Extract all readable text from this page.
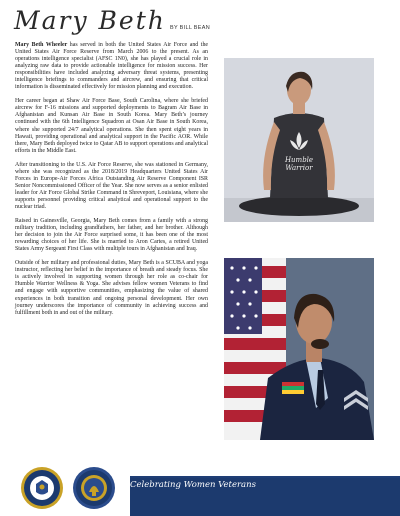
Mary Beth BY BILL BEAN

Mary Beth Wheeler has served in both the United States Air Force and the United States Air Force Reserve from March 2006 to the present. As an operations intelligence specialist (AFSC 1N0), she has played a crucial role in analyzing raw data to provide actionable intelligence for mission success. Her responsibilities have included analyzing adversary threat systems, presenting intelligence briefings to commanders and aircrew, and ensuring that critical information is disseminated effectively for mission planning and execution.

Her career began at Shaw Air Force Base, South Carolina, where she briefed aircrew for F-16 missions and supported deployments to Bagram Air Base in Afghanistan and Kunsan Air Base in South Korea. Mary Beth’s journey continued with the 6th Intelligence Squadron at Osan Air Base in South Korea, where she supported 24/7 analytical operations. She then spent eight years in Hawaii, providing operational and analytical support in the Pacific AOR. While there, Mary Beth deployed twice to Qatar AB to support operations and analytical efforts in the Middle East.

After transitioning to the U.S. Air Force Reserve, she was stationed in Germany, where she was recognized as the 2018/2019 Headquarters United States Air Forces in Europe-Air Forces Africa Outstanding Air Reserve Component ISR Senior Noncommissioned Officer of the Year. She now serves as a senior enlisted leader for Air Force Global Strike Command in Shreveport, Louisiana, where she supports personnel providing critical analytical and operational support to the nuclear triad.

Raised in Gainesville, Georgia, Mary Beth comes from a family with a strong military tradition, including grandfathers, her father, and her brother. Although her decision to join the Air Force surprised some, it has been one of the most rewarding choices of her life. She is married to Aron Cartes, a retired United States Army Sergeant First Class with multiple tours in Afghanistan and Iraq.

Outside of her military and professional duties, Mary Beth is a SCUBA and yoga instructor, reflecting her belief in the importance of breath and steady focus. She is actively involved in supporting women through her role as co-chair for Humble Warrior Wellness & Yoga. She advises fellow women Veterans to find and engage with supportive communities, emphasizing the value of shared experiences in both transition and ongoing personal development. Her own journey underscores the importance of community in achieving success and fulfillment both in and out of the military.

Humble
Warrior
Celebrating Women Veterans
